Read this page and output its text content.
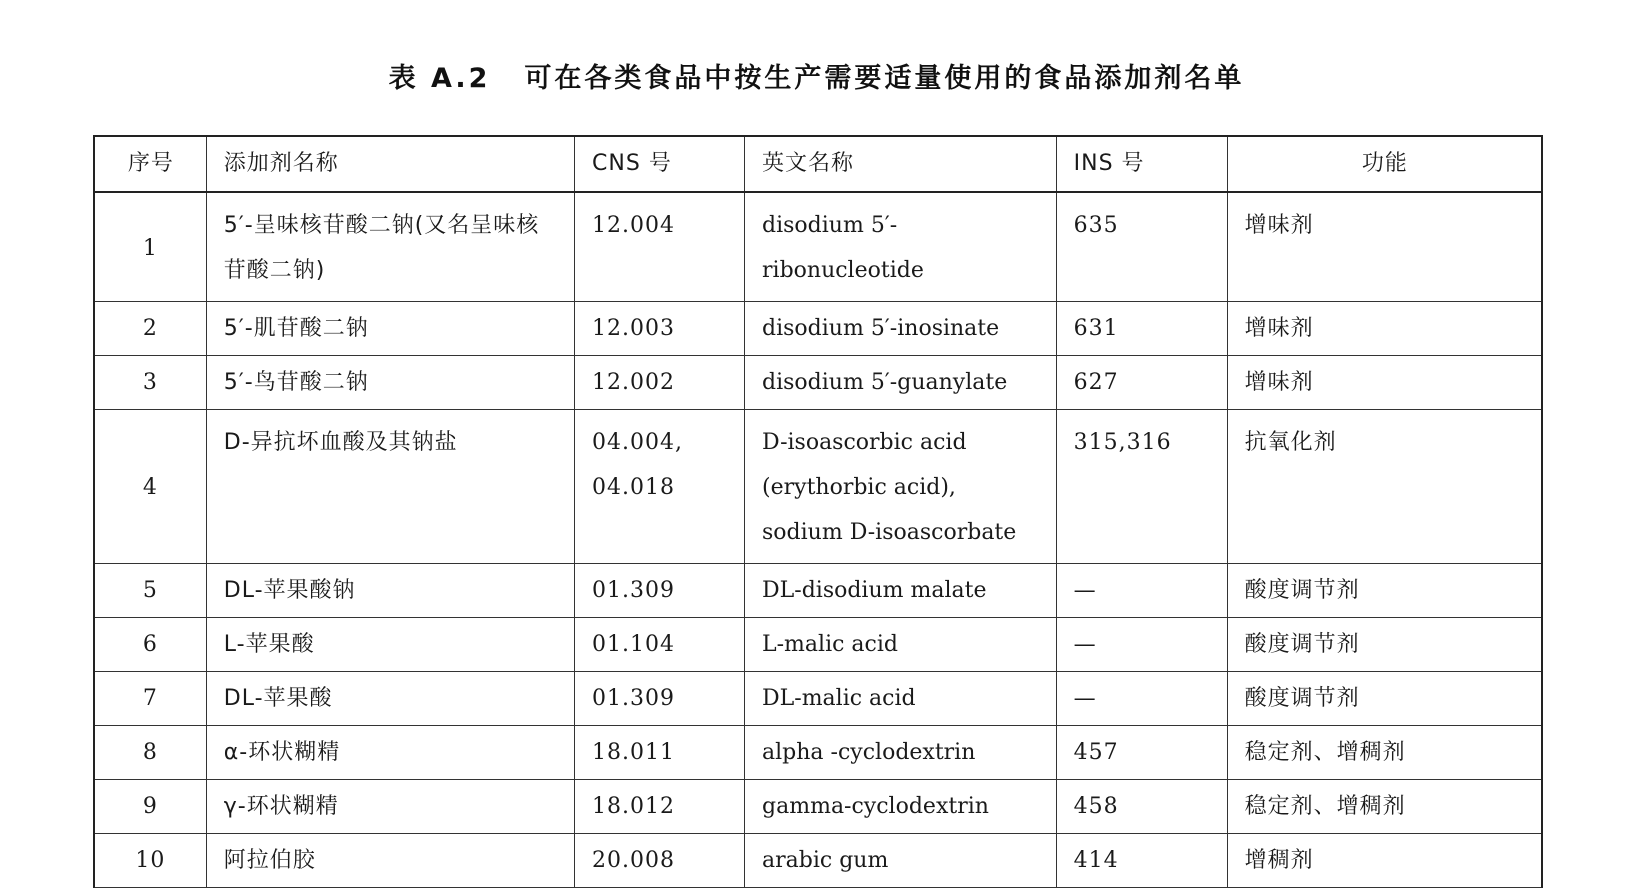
表 A.2 可在各类食品中按生产需要适量使用的食品添加剂名单
序号	添加剂名称	CNS 号	英文名称	INS 号	功能
1	5′-呈味核苷酸二钠(又名呈味核苷酸二钠)	12.004	disodium 5′-ribonucleotide	635	增味剂
2	5′-肌苷酸二钠	12.003	disodium 5′-inosinate	631	增味剂
3	5′-鸟苷酸二钠	12.002	disodium 5′-guanylate	627	增味剂
4	D-异抗坏血酸及其钠盐	04.004, 04.018	D-isoascorbic acid (erythorbic acid), sodium D-isoascorbate	315,316	抗氧化剂
5	DL-苹果酸钠	01.309	DL-disodium malate	—	酸度调节剂
6	L-苹果酸	01.104	L-malic acid	—	酸度调节剂
7	DL-苹果酸	01.309	DL-malic acid	—	酸度调节剂
8	α-环状糊精	18.011	alpha -cyclodextrin	457	稳定剂、增稠剂
9	γ-环状糊精	18.012	gamma-cyclodextrin	458	稳定剂、增稠剂
10	阿拉伯胶	20.008	arabic gum	414	增稠剂
